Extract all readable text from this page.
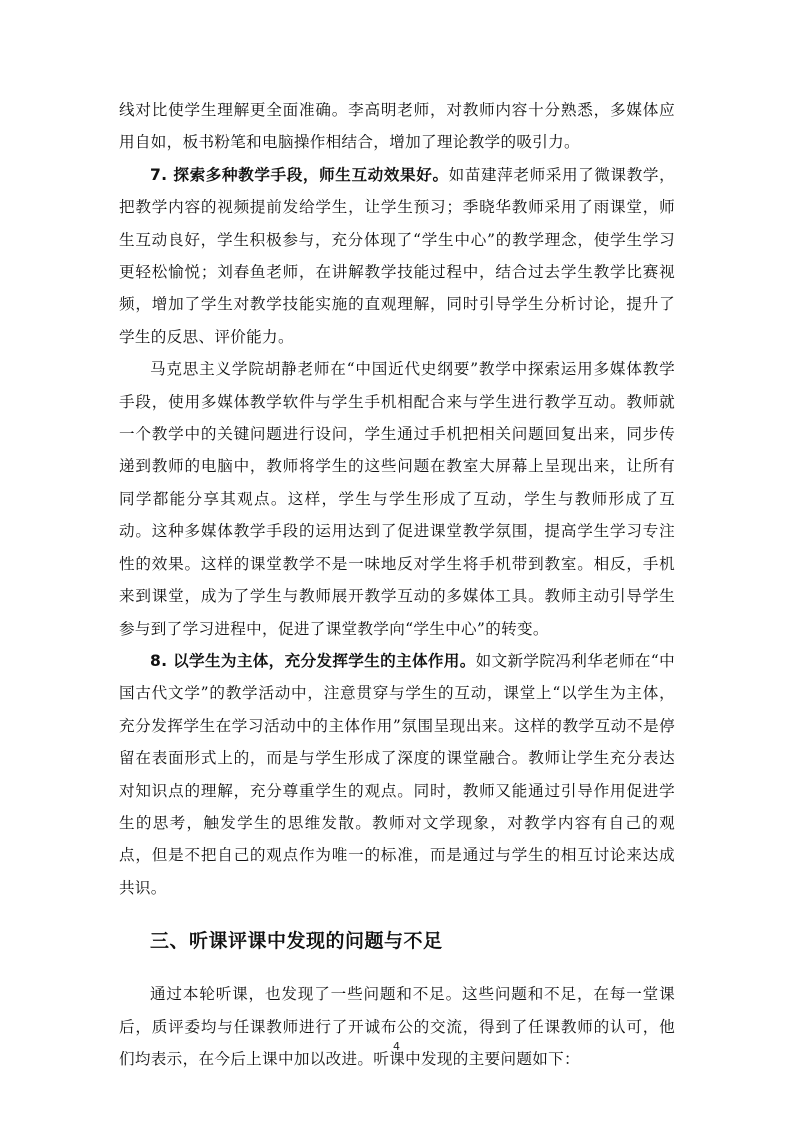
线对比使学生理解更全面准确。李高明老师，对教师内容十分熟悉，多媒体应用自如，板书粉笔和电脑操作相结合，增加了理论教学的吸引力。

7. 探索多种教学手段，师生互动效果好。如苗建萍老师采用了微课教学，把教学内容的视频提前发给学生，让学生预习；季晓华教师采用了雨课堂，师生互动良好，学生积极参与，充分体现了“学生中心”的教学理念，使学生学习更轻松愉悦；刘春鱼老师，在讲解教学技能过程中，结合过去学生教学比赛视频，增加了学生对教学技能实施的直观理解，同时引导学生分析讨论，提升了学生的反思、评价能力。

马克思主义学院胡静老师在“中国近代史纲要”教学中探索运用多媒体教学手段，使用多媒体教学软件与学生手机相配合来与学生进行教学互动。教师就一个教学中的关键问题进行设问，学生通过手机把相关问题回复出来，同步传递到教师的电脑中，教师将学生的这些问题在教室大屏幕上呈现出来，让所有同学都能分享其观点。这样，学生与学生形成了互动，学生与教师形成了互动。这种多媒体教学手段的运用达到了促进课堂教学氛围，提高学生学习专注性的效果。这样的课堂教学不是一味地反对学生将手机带到教室。相反，手机来到课堂，成为了学生与教师展开教学互动的多媒体工具。教师主动引导学生参与到了学习进程中，促进了课堂教学向“学生中心”的转变。

8. 以学生为主体，充分发挥学生的主体作用。如文新学院冯利华老师在“中国古代文学”的教学活动中，注意贯穿与学生的互动，课堂上“以学生为主体，充分发挥学生在学习活动中的主体作用”氛围呈现出来。这样的教学互动不是停留在表面形式上的，而是与学生形成了深度的课堂融合。教师让学生充分表达对知识点的理解，充分尊重学生的观点。同时，教师又能通过引导作用促进学生的思考，触发学生的思维发散。教师对文学现象，对教学内容有自己的观点，但是不把自己的观点作为唯一的标准，而是通过与学生的相互讨论来达成共识。

三、听课评课中发现的问题与不足

通过本轮听课，也发现了一些问题和不足。这些问题和不足，在每一堂课后，质评委均与任课教师进行了开诚布公的交流，得到了任课教师的认可，他们均表示，在今后上课中加以改进。听课中发现的主要问题如下：

4
